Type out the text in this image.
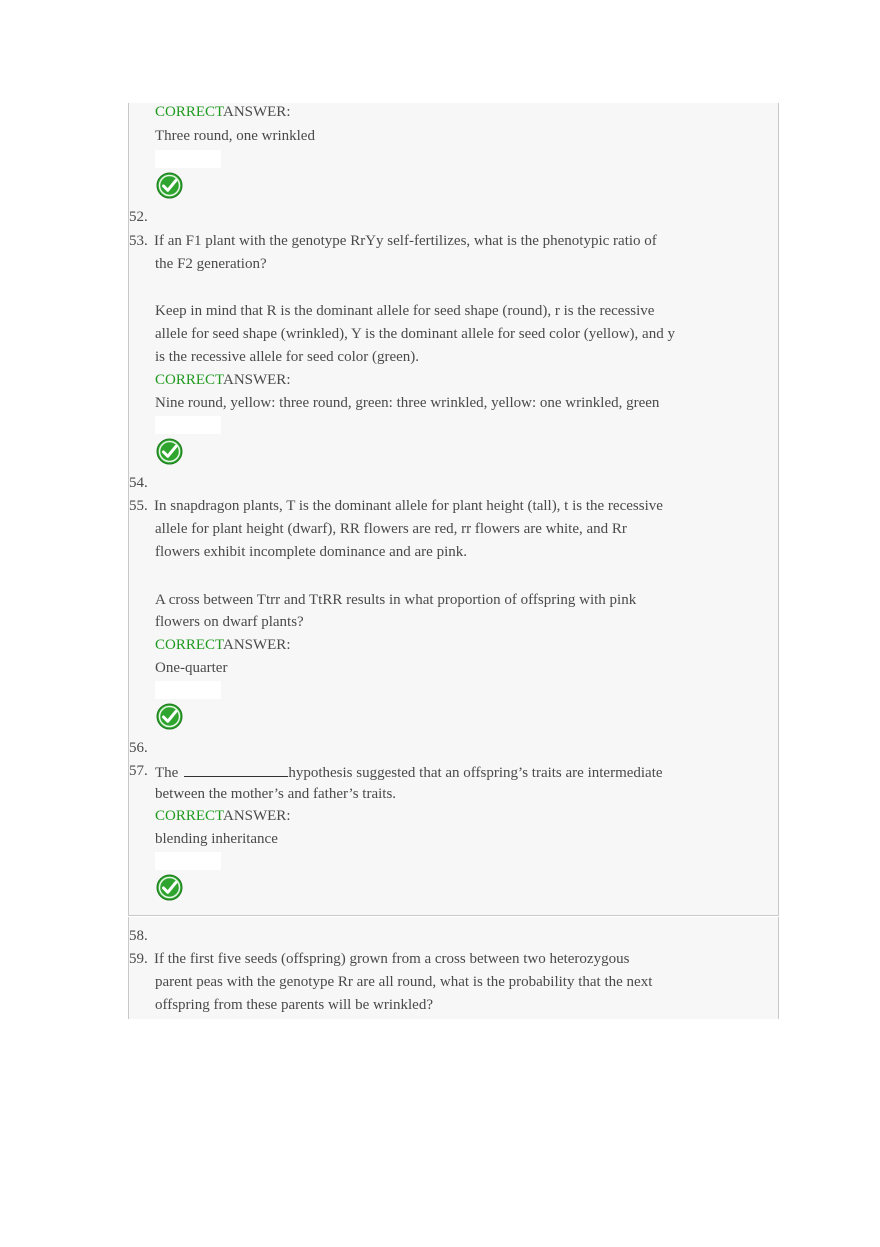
CORRECTANSWER:
Three round, one wrinkled
52.
53. If an F1 plant with the genotype RrYy self-fertilizes, what is the phenotypic ratio of
the F2 generation?
Keep in mind that R is the dominant allele for seed shape (round), r is the recessive
allele for seed shape (wrinkled), Y is the dominant allele for seed color (yellow), and y
is the recessive allele for seed color (green).
CORRECTANSWER:
Nine round, yellow: three round, green: three wrinkled, yellow: one wrinkled, green
54.
55. In snapdragon plants, T is the dominant allele for plant height (tall), t is the recessive
allele for plant height (dwarf), RR flowers are red, rr flowers are white, and Rr
flowers exhibit incomplete dominance and are pink.
A cross between Ttrr and TtRR results in what proportion of offspring with pink
flowers on dwarf plants?
CORRECTANSWER:
One-quarter
56.
57. The	hypothesis suggested that an offspring’s traits are intermediate
between the mother’s and father’s traits.
CORRECTANSWER:
blending inheritance
58.
59. If the first five seeds (offspring) grown from a cross between two heterozygous
parent peas with the genotype Rr are all round, what is the probability that the next
offspring from these parents will be wrinkled?
